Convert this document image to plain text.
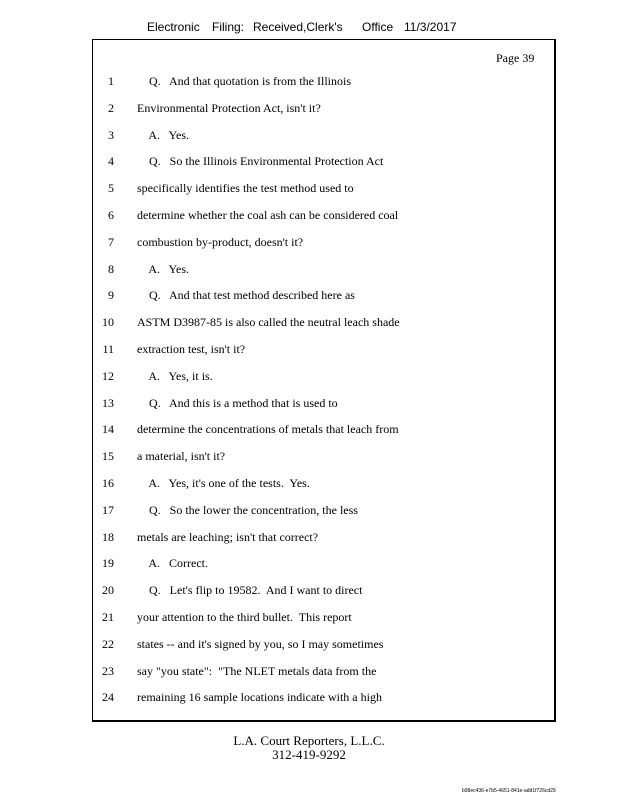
Electronic Filing: Received,Clerk's Office 11/3/2017
Page 39
1 Q.   And that quotation is from the Illinois
2 Environmental Protection Act, isn't it?
3 A.   Yes.
4 Q.   So the Illinois Environmental Protection Act
5 specifically identifies the test method used to
6 determine whether the coal ash can be considered coal
7 combustion by-product, doesn't it?
8 A.   Yes.
9 Q.   And that test method described here as
10 ASTM D3987-85 is also called the neutral leach shade
11 extraction test, isn't it?
12 A.   Yes, it is.
13 Q.   And this is a method that is used to
14 determine the concentrations of metals that leach from
15 a material, isn't it?
16 A.   Yes, it's one of the tests.  Yes.
17 Q.   So the lower the concentration, the less
18 metals are leaching; isn't that correct?
19 A.   Correct.
20 Q.   Let's flip to 19582.  And I want to direct
21 your attention to the third bullet.  This report
22 states -- and it's signed by you, so I may sometimes
23 say "you state":  "The NLET metals data from the
24 remaining 16 sample locations indicate with a high
L.A. Court Reporters, L.L.C.
312-419-9292
b98ec436-e7b5-4651-841e-add1f726cd29
